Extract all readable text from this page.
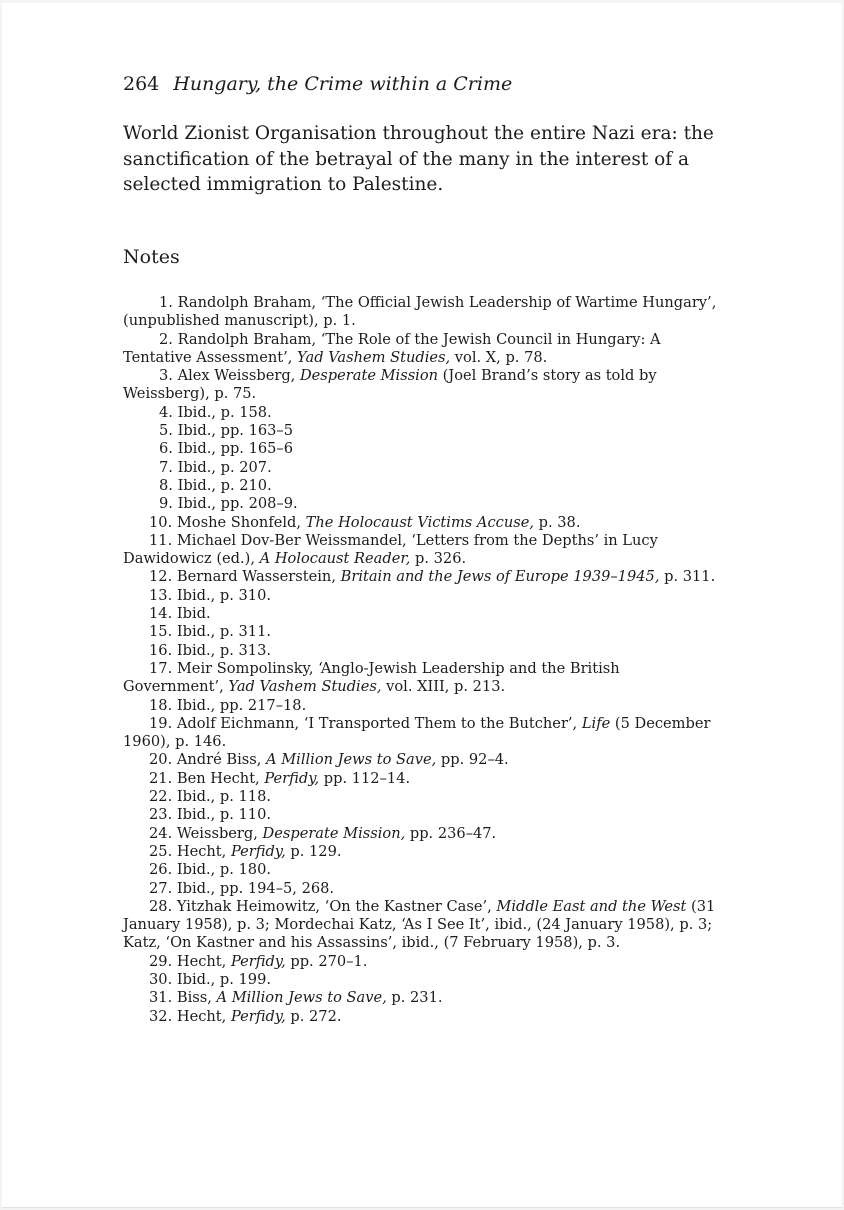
264 Hungary, the Crime within a Crime

World Zionist Organisation throughout the entire Nazi era: the sanctification of the betrayal of the many in the interest of a selected immigration to Palestine.

Notes
1. Randolph Braham, ‘The Official Jewish Leadership of Wartime Hungary’, (unpublished manuscript), p. 1.
2. Randolph Braham, ‘The Role of the Jewish Council in Hungary: A Tentative Assessment’, Yad Vashem Studies, vol. X, p. 78.
3. Alex Weissberg, Desperate Mission (Joel Brand’s story as told by Weissberg), p. 75.
4. Ibid., p. 158.
5. Ibid., pp. 163–5
6. Ibid., pp. 165–6
7. Ibid., p. 207.
8. Ibid., p. 210.
9. Ibid., pp. 208–9.
10. Moshe Shonfeld, The Holocaust Victims Accuse, p. 38.
11. Michael Dov-Ber Weissmandel, ‘Letters from the Depths’ in Lucy Dawidowicz (ed.), A Holocaust Reader, p. 326.
12. Bernard Wasserstein, Britain and the Jews of Europe 1939–1945, p. 311.
13. Ibid., p. 310.
14. Ibid.
15. Ibid., p. 311.
16. Ibid., p. 313.
17. Meir Sompolinsky, ‘Anglo-Jewish Leadership and the British Government’, Yad Vashem Studies, vol. XIII, p. 213.
18. Ibid., pp. 217–18.
19. Adolf Eichmann, ‘I Transported Them to the Butcher’, Life (5 December 1960), p. 146.
20. André Biss, A Million Jews to Save, pp. 92–4.
21. Ben Hecht, Perfidy, pp. 112–14.
22. Ibid., p. 118.
23. Ibid., p. 110.
24. Weissberg, Desperate Mission, pp. 236–47.
25. Hecht, Perfidy, p. 129.
26. Ibid., p. 180.
27. Ibid., pp. 194–5, 268.
28. Yitzhak Heimowitz, ‘On the Kastner Case’, Middle East and the West (31 January 1958), p. 3; Mordechai Katz, ‘As I See It’, ibid., (24 January 1958), p. 3; Katz, ‘On Kastner and his Assassins’, ibid., (7 February 1958), p. 3.
29. Hecht, Perfidy, pp. 270–1.
30. Ibid., p. 199.
31. Biss, A Million Jews to Save, p. 231.
32. Hecht, Perfidy, p. 272.
